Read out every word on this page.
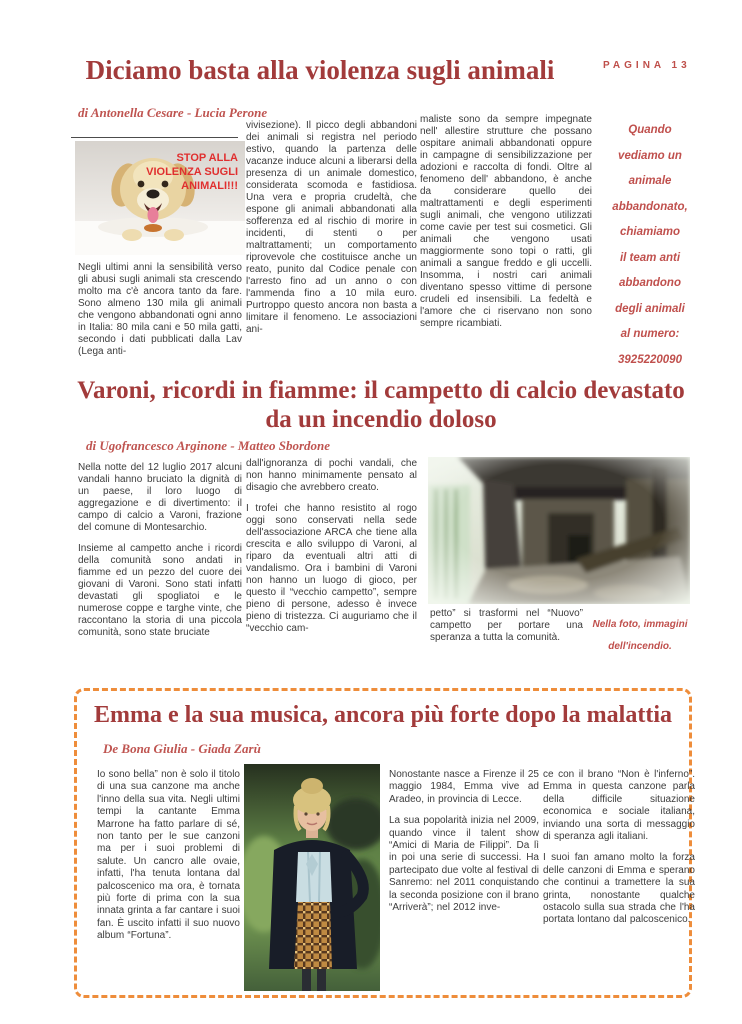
PAGINA 13
Diciamo basta alla violenza sugli animali
di Antonella Cesare - Lucia Perone
STOP ALLA
VIOLENZA SUGLI
ANIMALI!!!
Negli ultimi anni la sensibilità verso gli abusi sugli animali sta crescendo molto ma c'è ancora tanto da fare. Sono almeno 130 mila gli animali che vengono abbandonati ogni anno in Italia: 80 mila cani e 50 mila gatti, secondo i dati pubblicati dalla Lav (Lega anti-
vivisezione). Il picco degli abbandoni dei animali si registra nel periodo estivo, quando la partenza delle vacanze induce alcuni a liberarsi della presenza di un animale domestico, considerata scomoda e fastidiosa. Una vera e propria crudeltà, che espone gli animali abbandonati alla sofferenza ed al rischio di morire in incidenti, di stenti o per maltrattamenti; un comportamento riprovevole che costituisce anche un reato, punito dal Codice penale con l'arresto fino ad un anno o con l'ammenda fino a 10 mila euro. Purtroppo questo ancora non basta a limitare il fenomeno. Le associazioni ani-
maliste sono da sempre impegnate nell' allestire strutture che possano ospitare animali abbandonati oppure in campagne di sensibilizzazione per adozioni e raccolta di fondi. Oltre al fenomeno dell' abbandono, è anche da considerare quello dei maltrattamenti e degli esperimenti sugli animali, che vengono utilizzati come cavie per test sui cosmetici. Gli animali che vengono usati maggiormente sono topi o ratti, gli animali a sangue freddo e gli uccelli. Insomma, i nostri cari animali diventano spesso vittime di persone crudeli ed insensibili. La fedeltà e l'amore che ci riservano non sono sempre ricambiati.
Quando
vediamo un
animale
abbandonato,
chiamiamo
il team anti
abbandono
degli animali
al numero:
3925220090
Varoni, ricordi in fiamme: il campetto di calcio devastato da un incendio doloso
di Ugofrancesco Arginone - Matteo Sbordone

Nella notte del 12 luglio 2017 alcuni vandali hanno bruciato la dignità di un paese, il loro luogo di aggregazione e di divertimento: il campo di calcio a Varoni, frazione del comune di Montesarchio.

Insieme al campetto anche i ricordi della comunità sono andati in fiamme ed un pezzo del cuore dei giovani di Varoni. Sono stati infatti devastati gli spogliatoi e le numerose coppe e targhe vinte, che raccontano la storia di una piccola comunità, sono state bruciate

dall'ignoranza di pochi vandali, che non hanno minimamente pensato al disagio che avrebbero creato.

I trofei che hanno resistito al rogo oggi sono conservati nella sede dell'associazione ARCA che tiene alla crescita e allo sviluppo di Varoni, al riparo da eventuali altri atti di vandalismo. Ora i bambini di Varoni non hanno un luogo di gioco, per questo il “vecchio campetto”, sempre pieno di persone, adesso è invece pieno di tristezza. Ci auguriamo che il “vecchio cam-

petto” si trasformi nel “Nuovo” campetto per portare una speranza a tutta la comunità.
Nella foto, immagini dell'incendio.
Emma e la sua musica, ancora più forte dopo la malattia
De Bona Giulia - Giada Zarù
Io sono bella” non è solo il titolo di una sua canzone ma anche l'inno della sua vita. Negli ultimi tempi la cantante Emma Marrone ha fatto parlare di sé, non tanto per le sue canzoni ma per i suoi problemi di salute. Un cancro alle ovaie, infatti, l'ha tenuta lontana dal palcoscenico ma ora, è tornata più forte di prima con la sua innata grinta a far cantare i suoi fan. È uscito infatti il suo nuovo album “Fortuna”.

Nonostante nasce a Firenze il 25 maggio 1984, Emma vive ad Aradeo, in provincia di Lecce.

La sua popolarità inizia nel 2009, quando vince il talent show “Amici di Maria de Filippi”. Da lì in poi una serie di successi. Ha partecipato due volte al festival di Sanremo: nel 2011 conquistando la seconda posizione con il brano “Arriverà”; nel 2012 inve-

ce con il brano “Non è l'inferno”. Emma in questa canzone parla della difficile situazione economica e sociale italiana, inviando una sorta di messaggio di speranza agli italiani.

I suoi fan amano molto la forza delle canzoni di Emma e sperano che continui a tramettere la sua grinta, nonostante qualche ostacolo sulla sua strada che l'ha portata lontano dal palcoscenico.
